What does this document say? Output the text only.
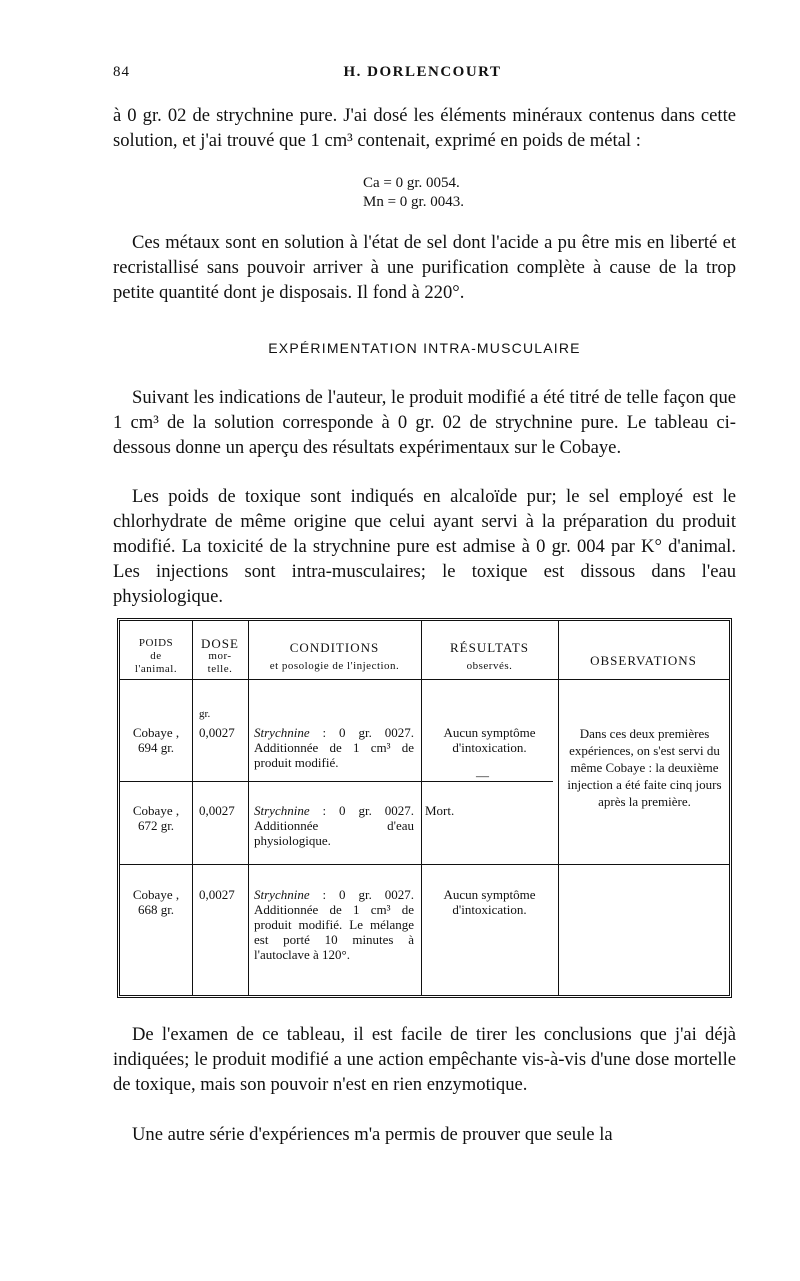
84	H. DORLENCOURT

à 0 gr. 02 de strychnine pure. J'ai dosé les éléments minéraux contenus dans cette solution, et j'ai trouvé que 1 cm³ contenait, exprimé en poids de métal :

Ca = 0 gr. 0054.
Mn = 0 gr. 0043.

Ces métaux sont en solution à l'état de sel dont l'acide a pu être mis en liberté et recristallisé sans pouvoir arriver à une purification complète à cause de la trop petite quantité dont je disposais. Il fond à 220°.

EXPÉRIMENTATION INTRA-MUSCULAIRE

Suivant les indications de l'auteur, le produit modifié a été titré de telle façon que 1 cm³ de la solution corresponde à 0 gr. 02 de strychnine pure. Le tableau ci-dessous donne un aperçu des résultats expérimentaux sur le Cobaye.

Les poids de toxique sont indiqués en alcaloïde pur; le sel employé est le chlorhydrate de même origine que celui ayant servi à la préparation du produit modifié. La toxicité de la strychnine pure est admise à 0 gr. 004 par K° d'animal. Les injections sont intra-musculaires; le toxique est dissous dans l'eau physiologique.

POIDS
de
l'animal.
DOSE
mor-
telle.
CONDITIONS
et posologie de l'injection.
RÉSULTATS
observés.	OBSERVATIONS
gr.
Cobaye ,
694 gr.
0,0027 Strychnine : 0 gr. 0027. Additionnée de 1 cm³ de produit modifié.
Aucun symptôme d'intoxication.
—
Dans ces deux premières expériences, on s'est servi du même Cobaye : la deuxième injection a été faite cinq jours après la première.
Cobaye ,
672 gr.
0,0027 Strychnine : 0 gr. 0027. Additionnée d'eau physiologique.
Mort.
Cobaye ,
668 gr.
0,0027 Strychnine : 0 gr. 0027. Additionnée de 1 cm³ de produit modifié. Le mélange est porté 10 minutes à l'autoclave à 120°.
Aucun symptôme d'intoxication.

De l'examen de ce tableau, il est facile de tirer les conclusions que j'ai déjà indiquées; le produit modifié a une action empêchante vis-à-vis d'une dose mortelle de toxique, mais son pouvoir n'est en rien enzymotique.

Une autre série d'expériences m'a permis de prouver que seule la
